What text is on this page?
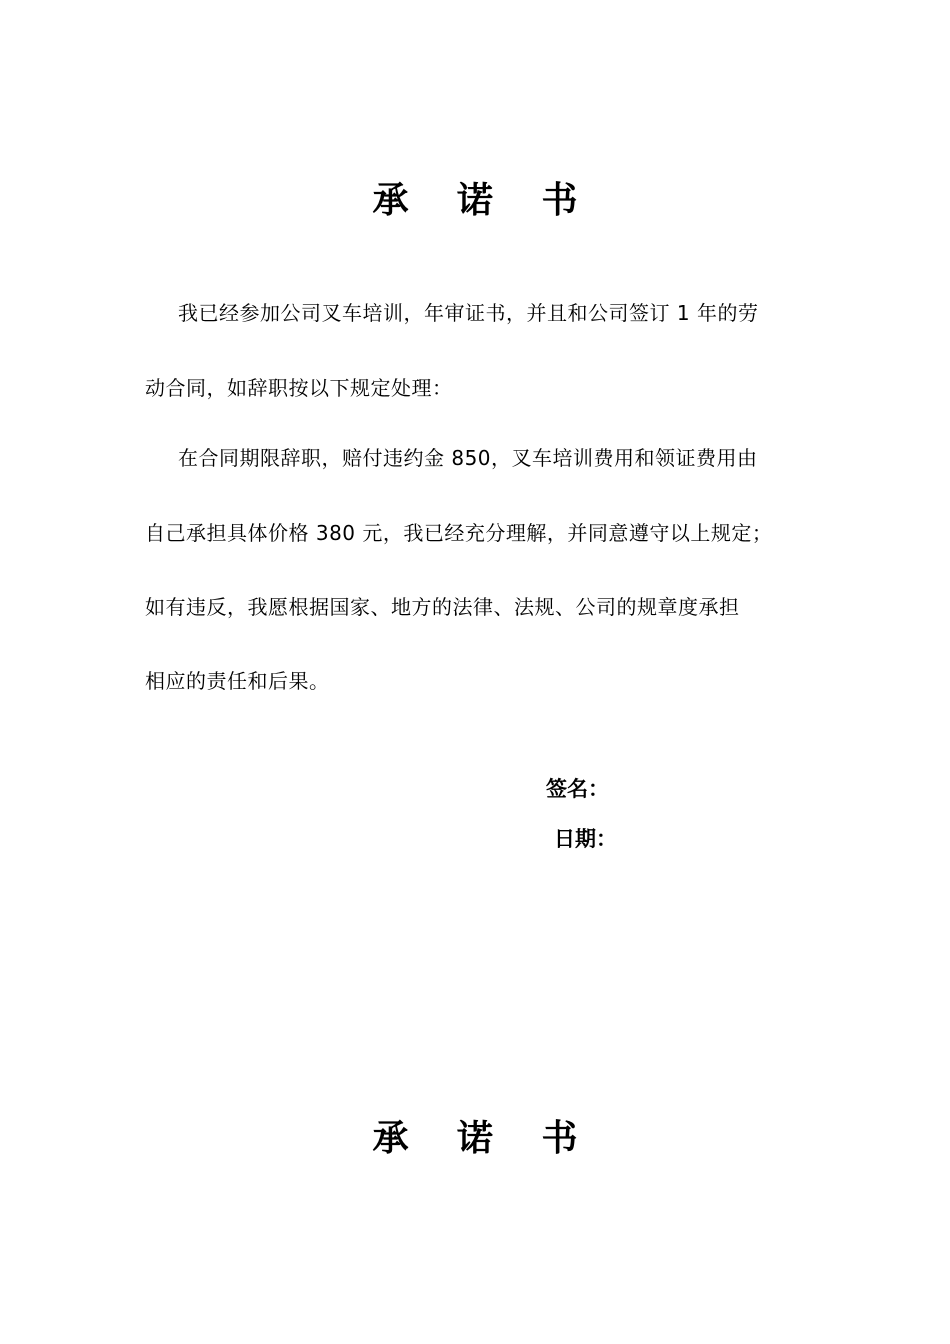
承 诺 书
我已经参加公司叉车培训，年审证书，并且和公司签订 1 年的劳
动合同，如辞职按以下规定处理：
在合同期限辞职，赔付违约金 850，叉车培训费用和领证费用由
自己承担具体价格 380 元，我已经充分理解，并同意遵守以上规定；
如有违反，我愿根据国家、地方的法律、法规、公司的规章度承担
相应的责任和后果。
签名：
日期：
承 诺 书
